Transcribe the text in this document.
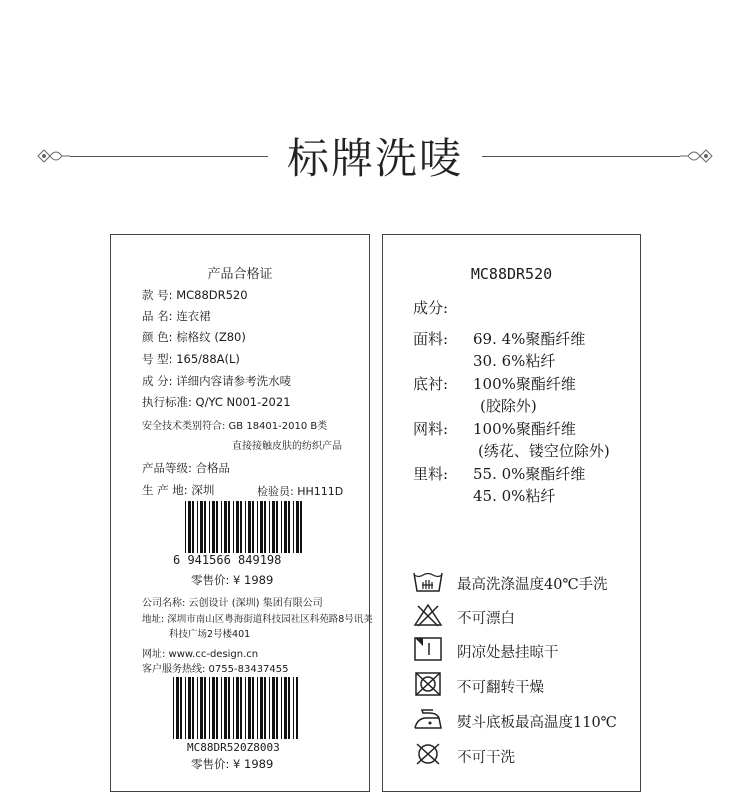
标牌洗唛
产品合格证
款 号: MC88DR520
品 名: 连衣裙
颜 色: 棕格纹 (Z80)
号 型: 165/88A(L)
成 分: 详细内容请参考洗水唛
执行标准: Q/YC N001-2021
安全技术类别符合: GB 18401-2010 B类
直接接触皮肤的纺织产品
产品等级: 合格品
生 产 地: 深圳	检验员: HH111D
6 941566 849198
零售价: ¥ 1989
公司名称: 云创设计 (深圳) 集团有限公司
地址: 深圳市南山区粤海街道科技园社区科苑路8号讯美
科技广场2号楼401
网址: www.cc-design.cn
客户服务热线: 0755-83437455
MC88DR520Z8003
零售价: ¥ 1989
MC88DR520
成分:
面料: 69. 4%聚酯纤维
30. 6%粘纤
底衬: 100%聚酯纤维
(胶除外)
网料: 100%聚酯纤维
(绣花、镂空位除外)
里料: 55. 0%聚酯纤维
45. 0%粘纤
最高洗涤温度40℃手洗
不可漂白
阴凉处悬挂晾干
不可翻转干燥
熨斗底板最高温度110℃
不可干洗
